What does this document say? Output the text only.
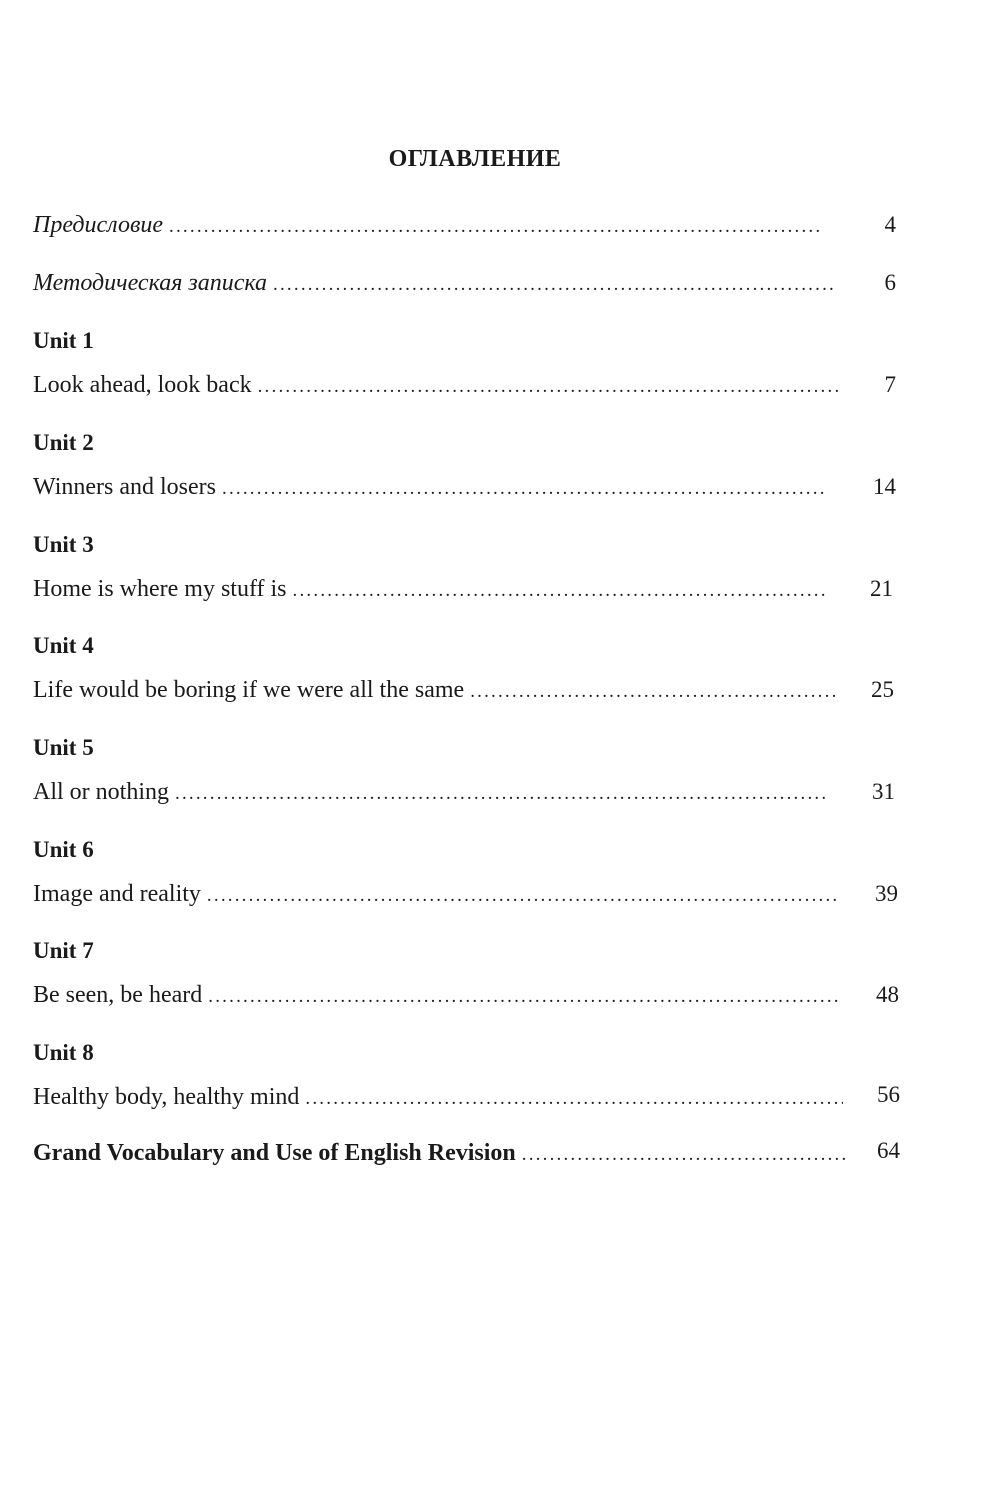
ОГЛАВЛЕНИЕ
Предисловие .....	4
Методическая записка .....	6
Unit 1
Look ahead, look back .....	7
Unit 2
Winners and losers .....	14
Unit 3
Home is where my stuff is .....	21
Unit 4
Life would be boring if we were all the same .....	25
Unit 5
All or nothing .....	31
Unit 6
Image and reality .....	39
Unit 7
Be seen, be heard .....	48
Unit 8
Healthy body, healthy mind .....	56
Grand Vocabulary and Use of English Revision .....	64
